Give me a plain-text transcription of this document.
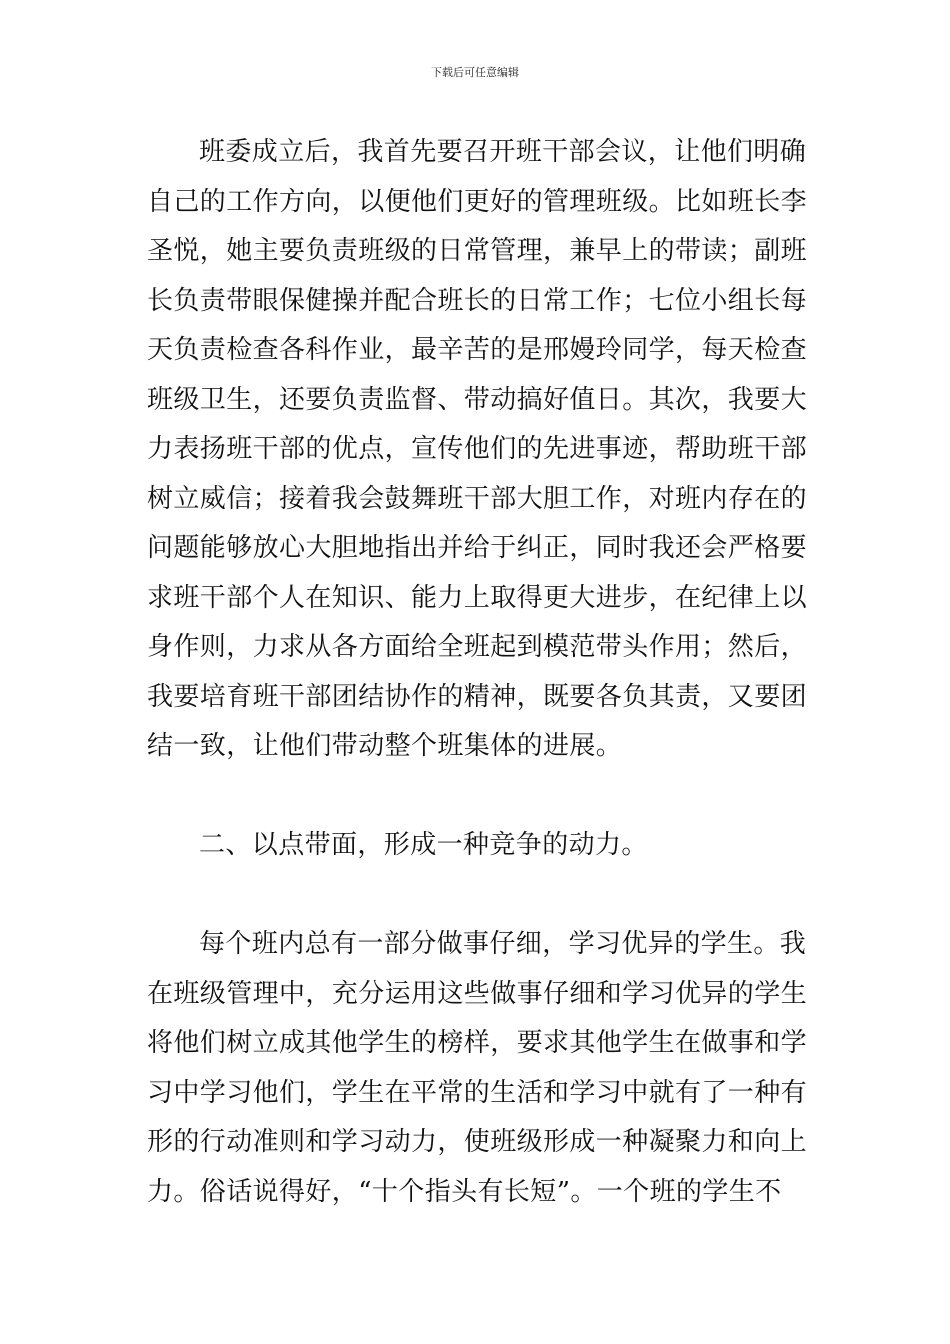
下载后可任意编辑
班委成立后，我首先要召开班干部会议，让他们明确
自己的工作方向，以便他们更好的管理班级。比如班长李
圣悦，她主要负责班级的日常管理，兼早上的带读；副班
长负责带眼保健操并配合班长的日常工作；七位小组长每
天负责检查各科作业，最辛苦的是邢嫚玲同学，每天检查
班级卫生，还要负责监督、带动搞好值日。其次，我要大
力表扬班干部的优点，宣传他们的先进事迹，帮助班干部
树立威信；接着我会鼓舞班干部大胆工作，对班内存在的
问题能够放心大胆地指出并给于纠正，同时我还会严格要
求班干部个人在知识、能力上取得更大进步，在纪律上以
身作则，力求从各方面给全班起到模范带头作用；然后，
我要培育班干部团结协作的精神，既要各负其责，又要团
结一致，让他们带动整个班集体的进展。
二、以点带面，形成一种竞争的动力。
每个班内总有一部分做事仔细，学习优异的学生。我
在班级管理中，充分运用这些做事仔细和学习优异的学生
将他们树立成其他学生的榜样，要求其他学生在做事和学
习中学习他们，学生在平常的生活和学习中就有了一种有
形的行动准则和学习动力，使班级形成一种凝聚力和向上
力。俗话说得好，“十个指头有长短”。一个班的学生不
